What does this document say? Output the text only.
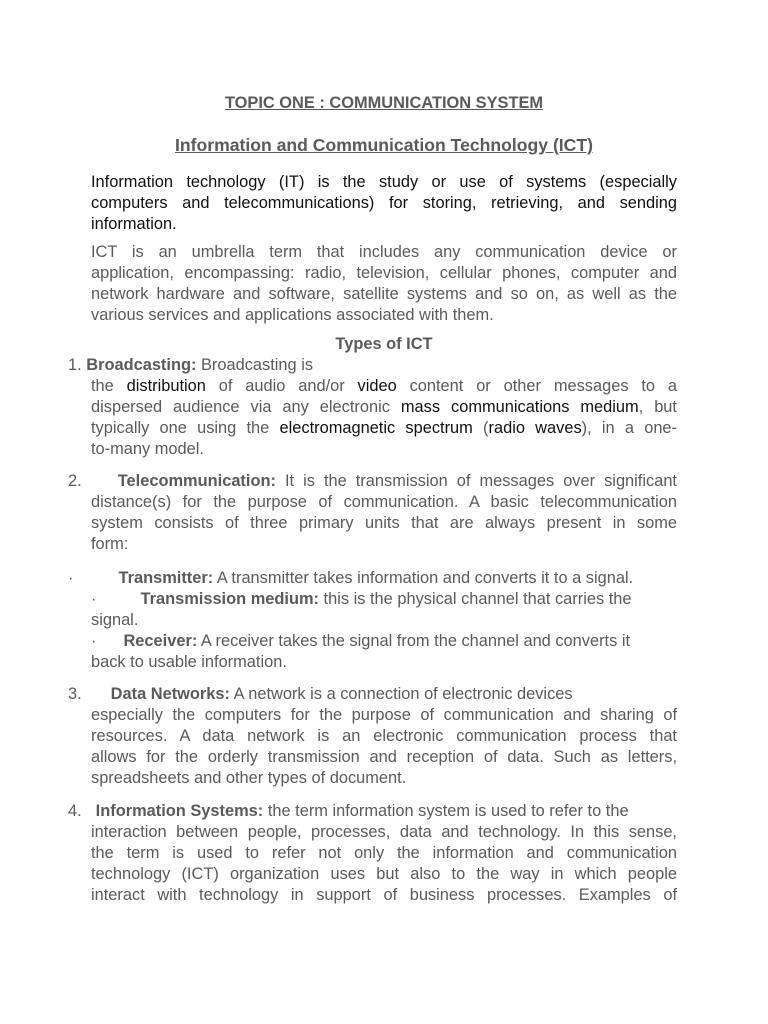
TOPIC ONE : COMMUNICATION SYSTEM
Information and Communication Technology (ICT)
Information technology (IT) is the study or use of systems (especially
computers and telecommunications) for storing, retrieving, and sending
information.
ICT is an umbrella term that includes any communication device or
application, encompassing: radio, television, cellular phones, computer and
network hardware and software, satellite systems and so on, as well as the
various services and applications associated with them.
Types of ICT
1. Broadcasting: Broadcasting is
the distribution of audio and/or video content or other messages to a
dispersed audience via any electronic mass communications medium, but
typically one using the electromagnetic spectrum (radio waves), in a one-
to-many model.
2. Telecommunication: It is the transmission of messages over significant
distance(s) for the purpose of communication. A basic telecommunication
system consists of three primary units that are always present in some
form:
·	Transmitter: A transmitter takes information and converts it to a signal.
·	Transmission medium: this is the physical channel that carries the
signal.
· Receiver: A receiver takes the signal from the channel and converts it
back to usable information.
3. Data Networks: A network is a connection of electronic devices
especially the computers for the purpose of communication and sharing of
resources. A data network is an electronic communication process that
allows for the orderly transmission and reception of data. Such as letters,
spreadsheets and other types of document.
4. Information Systems: the term information system is used to refer to the
interaction between people, processes, data and technology. In this sense,
the term is used to refer not only the information and communication
technology (ICT) organization uses but also to the way in which people
interact with technology in support of business processes. Examples of
